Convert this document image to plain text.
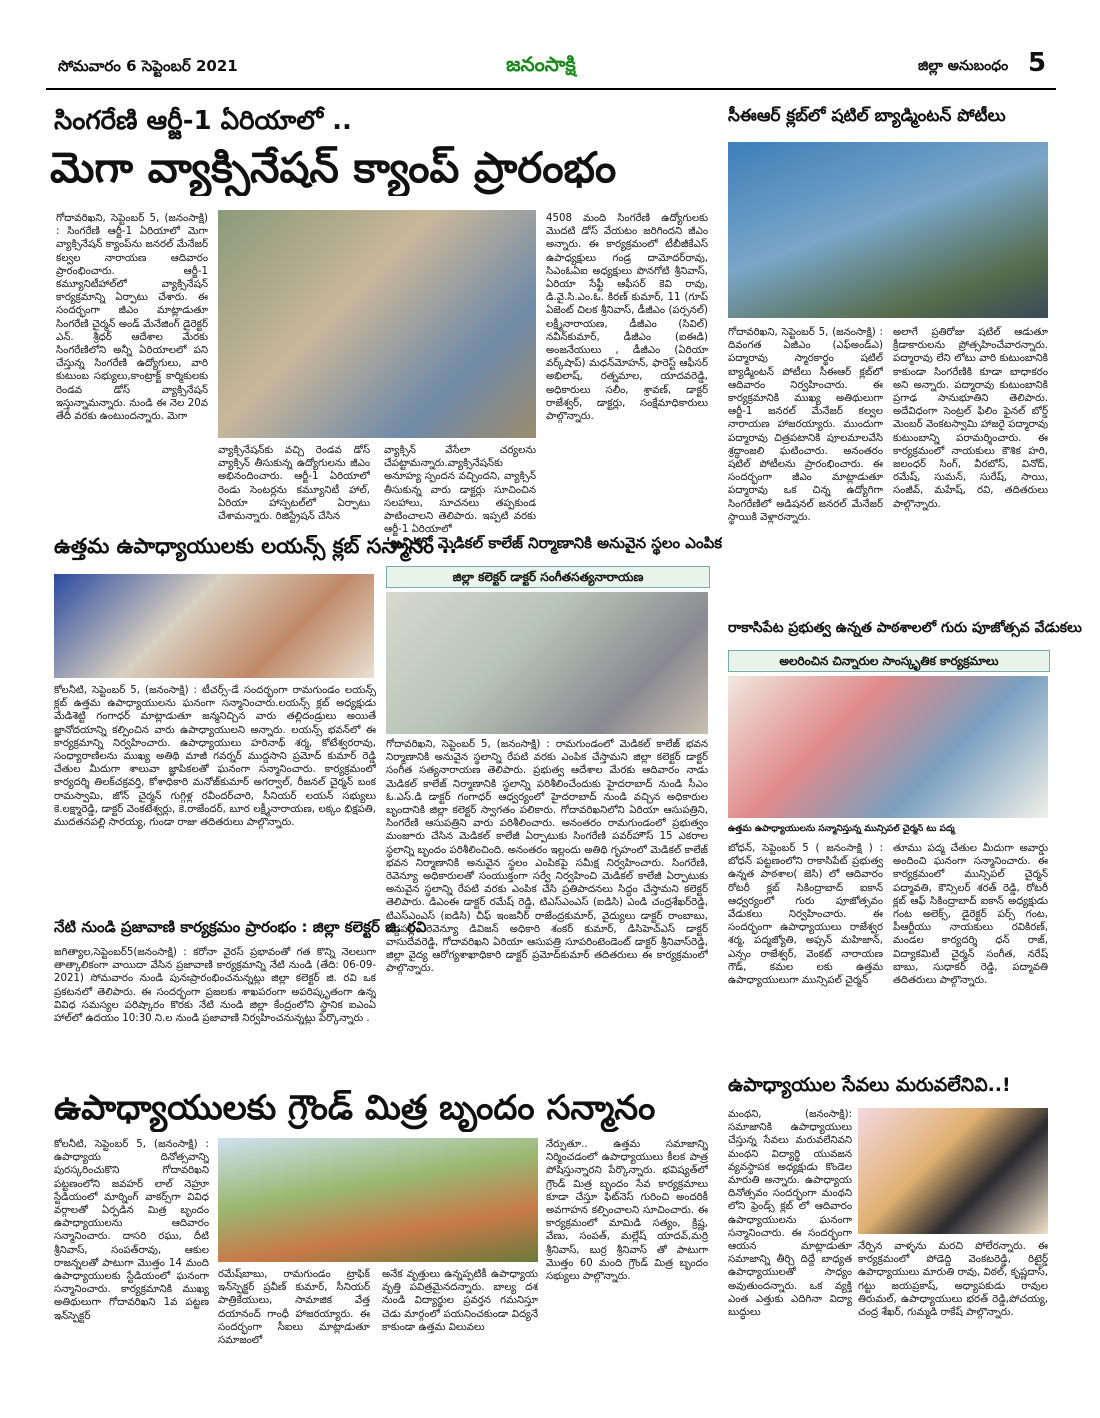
సోమవారం 6 సెప్టెంబర్ 2021	జనంసాక్షి	జిల్లా అనుబంధం 5
సింగరేణి ఆర్జీ-1 ఏరియాలో ..
మెగా వ్యాక్సినేషన్ క్యాంప్ ప్రారంభం
గోదావరిఖని, సెప్టెంబర్ 5, (జనంసాక్షి) : సింగరేణి ఆర్జీ-1 ఏరియాలో మెగా వ్యాక్సినేషన్ క్యాంప్‌ను జనరల్ మేనేజర్ కల్వల నారాయణ ఆదివారం ప్రారంభించారు. ఆర్జీ-1 కమ్యూనిటీహాల్‌లో వ్యాక్సినేషన్ కార్యక్రమాన్ని ఏర్పాటు చేశారు. ఈ సందర్భంగా జీఎం మాట్లాడుతూ సింగరేణి చైర్మన్ అండ్ మేనేజింగ్ డైరెక్టర్ ఎన్. శ్రీధర్ ఆదేశాల మేరకు సింగరేణిలోని అన్నీ ఏరియాలలో పని చేస్తున్న సింగరేణి ఉద్యోగులు, వారి కుటుంబ సభ్యులు,కాంట్రాక్ట్ కార్మికులకు రెండవ డోస్ వ్యాక్సినేషన్ ఇస్తున్నామన్నారు. నుండి ఈ నెల 20వ తేదీ వరకు ఉంటుందన్నారు. మెగా
వ్యాక్సినేషన్‌కు వచ్చి రెండవ డోస్ వ్యాక్సిన్ తీసుకున్న ఉద్యోగులను జీఎం అభినందించారు. ఆర్జీ-1 ఏరియాలో రెండు సెంటర్లను కమ్యూనిటీ హాల్, ఏరియా హాస్పటల్‌లో ఏర్పాటు చేశామన్నారు. రిజిస్ట్రేషన్ చేసిన
వ్యాక్సిన్ వేసేలా చర్యలను చేపట్టామన్నారు.వ్యాక్సినేషన్‌కు అనూహ్య స్పందన వచ్చిందని, వ్యాక్సిన్ తీసుకున్న వారు డాక్టర్లు సూచించిన సలహాలు, సూచనలు తప్పకుండ పాటించాలని తెలిపారు. ఇప్పటి వరకు ఆర్జీ-1 ఏరియాలో
4508 మంది సింగరేణి ఉద్యోగులకు మొదటి డోస్ వేయటం జరిగిందని జీఎం అన్నారు. ఈ కార్యక్రమంలో టీబీజీకేఎస్ ఉపాధ్యక్షులు గండ్ర దామోదర్‌రావు, సిఎంఓఏఐ అధ్యక్షులు పొనగోటి శ్రీనివాస్, ఏరియా సేఫ్టీ ఆఫీసర్ కెవి రావు, డి.వై.సి.ఎం.ఓ. కిరణ్ కుమార్, 11 (గూప్ ఏజెంట్ చిలక శ్రీనివాస్, డీజీఎం (పర్సనల్) లక్ష్మీనారాయణ, డీజీఎం (సివిల్) నవీన్‌కుమార్, డీజీఎం (ఐఈడి) అంజనేయులు , డీజీఎం (ఏరియా వర్క్‌షాప్) మధన్‌మోహన్, ఫారెస్ట్ ఆఫీసర్ అభిలాష్, రత్నమాల, యాదవరెడ్డి, అధికారులు సలీం, శ్రావణ్, డాక్టర్ రాజేశ్వర్, డాక్టర్లు, సంక్షేమాధికారులు పాల్గొన్నారు.
సీఈఆర్ క్లబ్‌లో షటిల్ బ్యాడ్మింటన్ పోటీలు
గోదావరిఖని, సెప్టెంబర్ 5, (జనంసాక్షి) : దివంగత ఏజీఎం (ఎఫ్అండ్ఎ) పద్మారావు స్మారకార్థం షటిల్ బ్యాడ్మింటన్ పోటీలు సీఈఆర్ క్లబ్‌లో ఆదివారం నిర్వహించారు. ఈ కార్యక్రమానికి ముఖ్య అతిథులుగా ఆర్జీ-1 జనరల్ మేనేజర్ కల్వల నారాయణ హాజరయ్యారు. ముందుగా పద్మారావు చిత్రపటానికి పూలమాలవేసి శ్రద్ధాంజలి ఘటించారు. అనంతరం షటిల్ పోటీలను ప్రారంభించారు. ఈ సందర్భంగా జీఎం మాట్లాడుతూ పద్మారావు ఒక చిన్న ఉద్యోగిగా సింగరేణిలో అడిషనల్ జనరల్ మేనేజర్ స్థాయికి వెళ్లారన్నారు.
అలాగే ప్రతిరోజు షటిల్ ఆడుతూ క్రీడాకారులను ప్రోత్సహించేవారన్నారు. పద్మారావు లేని లోటు వారి కుటుంబానికి కాకుండా సింగరేణికి కూడా బాధాకరం అని అన్నారు. పద్మారావు కుటుంబానికి ప్రగాఢ సానుభూతిని తెలిపారు. అదేవిధంగా సెంట్రల్ ఫిలిం ఫైనల్ బోర్డ్ మెంబర్ వెంకటస్వామి హాజరై పద్మారావు కుటుంబాన్ని పరామర్శించారు. ఈ కార్యక్రమంలో నాయకులు కౌశిక హరి, జలంధర్ సింగ్, వీరబోస్, వినోద్, రమేష్, సుమన్, సురేష్, సాయి, సంజీవ్, మహేష్, రవి, తదితరులు పాల్గొన్నారు.
ఉత్తమ ఉపాధ్యాయులకు లయన్స్ క్లబ్ సన్మానం ..
కోలనీటి, సెప్టెంబర్ 5, (జనంసాక్షి) : టీచర్స్-డే సందర్భంగా రామగుండం లయన్స్ క్లబ్ ఉత్తమ ఉపాధ్యాయులను ఘనంగా సన్మానించారు.లయన్స్ క్లబ్ అధ్యక్షుడు మేడిశెట్టి గంగాధర్ మాట్లాడుతూ జన్మనిచ్చిన వారు తల్లిదండ్రులు అయితే జ్ఞానోదయాన్ని కల్పించిన వారు ఉపాధ్యాయులని అన్నారు. లయన్స్ భవన్‌లో ఈ కార్యక్రమాన్ని నిర్వహించారు. ఉపాధ్యాయులు హరినాథ్ శర్మ, కోటేశ్వరరావు, సంధ్యారాణిలను ముఖ్య అతిథి మాజీ గవర్నర్ ముద్దసాని ప్రమోద్ కుమార్ రెడ్డి చేతుల మీదుగా శాలువా జ్ఞాపికలతో ఘనంగా సన్మానించారు. కార్యక్రమంలో కార్యదర్శి తిలక్‌చక్రవర్తి, కోశాధికారి మనోజ్‌కుమార్ అగర్వాల్, రీజనల్ చైర్మన్ బంక రామస్వామి, జోన్ చైర్మన్ గుగ్గిళ్ల రవీందర్‌చారి, సీనియర్ లయన్ సభ్యులు కె.లక్ష్మారెడ్డి, డాక్టర్ వెంకటేశ్వర్లు, కె.రాజేందర్, బూర లక్ష్మీనారాయణ, లక్కం భిక్షపతి, ముదతనపల్లి సారయ్య, గుండా రాజు తదితరులు పాల్గొన్నారు.
'ఖని'లో మెడికల్ కాలేజ్ నిర్మాణానికి అనువైన స్థలం ఎంపిక
జిల్లా కలెక్టర్ డాక్టర్ సంగీతసత్యనారాయణ
గోదావరిఖని, సెప్టెంబర్ 5, (జనంసాక్షి) : రామగుండంలో మెడికల్ కాలేజ్ భవన నిర్మాణానికి అనువైన స్థలాన్ని రేపటి వరకు ఎంపిక చేస్తామని జిల్లా కలెక్టర్ డాక్టర్ సంగీత సత్యనారాయణ తెలిపారు. ప్రభుత్వ ఆదేశాల మేరకు ఆదివారం నాడు మెడికల్ కాలేజ్ నిర్మాణానికి స్థలాన్ని పరిశీలించేందుకు హైదరాబాద్ నుండి సీఎం ఓ.ఎస్.డి డాక్టర్ గంగాధర్ ఆధ్వర్యంలో హైదరాబాద్ నుండి వచ్చిన అధికారుల బృందానికి జిల్లా కలెక్టర్ స్వాగతం పలికారు. గోదావరిఖనిలోని ఏరియా ఆసుపత్రిని, సింగరేణి ఆసుపత్రిని వారు పరిశీలించారు. అనంతరం రామగుండంలో ప్రభుత్వం మంజూరు చేసిన మెడికల్ కాలేజీ ఏర్పాటుకు సింగరేణి పవర్‌హౌస్ 15 ఎకరాల స్థలాన్ని బృందం పరిశీలించింది. అనంతరం ఇల్లందు అతిథి గృహంలో మెడికల్ కాలేజ్ భవన నిర్మాణానికి అనువైన స్థలం ఎంపికపై సమీక్ష నిర్వహించారు. సింగరేణి, రెవెన్యూ అధికారులతో సంయుక్తంగా సర్వే నిర్వహించి మెడికల్ కాలేజీ ఏర్పాటుకు అనువైన స్థలాన్ని రేపటి వరకు ఎంపిక చేసి ప్రతిపాదనలు సిద్ధం చేస్తామని కలెక్టర్ తెలిపారు. డిఎంఈ డాక్టర్ రమేష్ రెడ్డి, టిఎస్ఎంఎస్ (ఐడిసి) ఎండి చంద్రశేఖర్‌రెడ్డి, టిఎస్ఎంఎస్ (ఐడిసి) చీఫ్ ఇంజనీర్ రాజేంద్రకుమార్, వైద్యులు డాక్టర్ రాంబాబు, పెద్దపల్లి రెవెన్యూ డివిజన్ అధికారి శంకర్ కుమార్, డిసిహెచ్ఎస్ డాక్టర్ వాసుదేవరెడ్డి, గోదావరిఖని ఏరియా ఆసుపత్రి సూపరింటెండెంట్ డాక్టర్ శ్రీనివాస్‌రెడ్డి, జిల్లా వైద్య ఆరోగ్యశాఖాధికారి డాక్టర్ ప్రమోద్‌కుమార్ తదితరులు ఈ కార్యక్రమంలో పాల్గొన్నారు.
నేటి నుండి ప్రజావాణి కార్యక్రమం ప్రారంభం : జిల్లా కలెక్టర్ జి. రవి
జగిత్యాల,సెప్టెంబర్5(జనంసాక్షి) : కరోనా వైరస్ ప్రభావంతో గత కొన్ని నెలలుగా తాత్కాలికంగా వాయిదా వేసిన ప్రజావాణి కార్యక్రమాన్ని నేటి నుండి (తేది: 06-09-2021) సోమవారం నుండి పునఃప్రారంభించనున్నట్లు జిల్లా కలెక్టర్ జి. రవి ఒక ప్రకటనలో తెలిపారు. ఈ సందర్భంగా ప్రజలకు శాఖపరంగా అపరిష్కృతంగా ఉన్న వివిధ సమస్యల పరిష్కారం కొరకు నేటి నుండి జిల్లా కేంద్రంలోని స్థానిక ఐఎంఏ హాల్‌లో ఉదయం 10:30 ని.ల నుండి ప్రజావాణి నిర్వహించనున్నట్లు పేర్కొన్నారు .
రాకాసిపేట ప్రభుత్వ ఉన్నత పాఠశాలలో గురు పూజోత్సవ వేడుకలు
అలరించిన చిన్నారుల సాంస్కృతిక కార్యక్రమాలు
ఉత్తమ ఉపాధ్యాయులను సన్మానిస్తున్న మున్సిపల్ చైర్మన్ టు పద్మ
బోధన్, సెప్టెంబర్ 5 ( జనంసాక్షి ) : బోధన్ పట్టణంలోని రాకాసిపేట్ ప్రభుత్వ ఉన్నత పాఠశాల( జెసి) లో ఆదివారం రోటరీ క్లబ్ సికింద్రాబాద్ ఐకాన్ ఆధ్వర్యంలో గురు పూజోత్సవం వేడుకలు నిర్వహించారు. ఈ సందర్భంగా ఉపాధ్యాయులు రాజేశ్వర శర్మ, పద్మజ్యోతి, అఫ్సన్ మహిజాన్, ఎన్సం రాజేశ్వర్, వెంకట్ నారాయణ గౌడ్, కమల లకు ఉత్తమ ఉపాధ్యాయులుగా మున్సిపల్ చైర్మన్
తూము పద్మ చేతుల మీదుగా అవార్డు అందించి ఘనంగా సన్మానించారు. ఈ కార్యక్రమంలో మున్సిపల్ చైర్మన్ పద్మావతి, కౌన్సిలర్ శరత్ రెడ్డి, రోటరీ క్లబ్ ఆఫ్ సికింద్రాబాద్ ఐకాన్ అధ్యక్షుడు గంట అలెక్స్, డైరెక్టర్ పర్స్ గంట, పీఆర్టీయు నాయకులు రవికిరణ్, మండల కార్యదర్శి ధన్ రాజ్, విద్యాకమిటీ చైర్మన్ సంగీత, నరేష్ బాబు, సుధాకర్ రెడ్డి, పద్మావతి తదితరులు పాల్గొన్నారు.
ఉపాధ్యాయులకు గ్రౌండ్ మిత్ర బృందం సన్మానం
కోలనీటి, సెప్టెంబర్ 5, (జనంసాక్షి) : ఉపాధ్యాయ దినోత్సవాన్ని పురస్కరించుకొని గోదావరిఖని పట్టణంలోని జవహర్ లాల్ నెహ్రూ స్టేడియంలో మార్నింగ్ వాకర్స్‌గా వివిధ వర్గాలతో ఏర్పడిన మిత్ర బృందం ఉపాధ్యాయులను ఆదివారం సన్మానించారు. దాసరి రఘు, దీటి శ్రీనివాస్, సంపత్‌రావు, ఆకుల రాజన్నలతో పాటుగా మొత్తం 14 మంది ఉపాధ్యాయులకు స్టేడియంలో ఘనంగా సన్మానించారు. కార్యక్రమానికి ముఖ్య అతిథులుగా గోదావరిఖని 1వ పట్టణ ఇన్‌స్పెక్టర్
రమేష్‌బాబు, రామగుండం ట్రాఫిక్ ఇన్‌స్పెక్టర్ ప్రవీణ్ కుమార్, సీనియర్ పాత్రికేయులు, సామాజిక వేత్త దయానంద్ గాంధీ హాజరయ్యారు. ఈ సందర్భంగా సీఐలు మాట్లాడుతూ సమాజంలో
అనేక వృత్తులు ఉన్నప్పటికీ ఉపాధ్యాయ వృత్తి పవిత్రమైనదన్నారు. బాల్య దశ నుండి విద్యార్థుల ప్రవర్తన గమనిస్తూ చెడు మార్గంలో పయనించకుండా విద్యనే కాకుండా ఉత్తమ విలువలు
నేర్పుతూ.. ఉత్తమ సమాజాన్ని నిర్మించడంలో ఉపాధ్యాయులు కీలక పాత్ర పోషిస్తున్నారని పేర్కొన్నారు. భవిష్యత్‌లో గ్రౌండ్ మిత్ర బృందం సేవ కార్యక్రమాలు కూడా చేస్తూ ఫిట్‌నెస్ గురించి అందరికీ అవగాహన కల్పించాలని సూచించారు. ఈ కార్యక్రమంలో మామిడి సత్యం, క్రిష్ణ, వేణు, సంపత్, మల్లేష్ యాదవ్,మర్రి శ్రీనివాస్, బుర్ర శ్రీనివాస్ తో పాటుగా మొత్తం 60 మంది గ్రౌండ్ మిత్ర బృందం సభ్యులు పాల్గొన్నారు.
ఉపాధ్యాయుల సేవలు మరువలేనివి..!
మంథని, (జనంసాక్షి): సమాజానికి ఉపాధ్యాయులు చేస్తున్న సేవలు మరువలేనివని మంథని విద్యార్థి యువజన వ్యవస్థాపక అధ్యక్షుడు కొండెల మారుతి అన్నారు. ఉపాధ్యాయ దినోత్సవం సందర్భంగా మంథని లోని ఫ్రెండ్స్ క్లబ్ లో ఆదివారం ఉపాధ్యాయులను ఘనంగా సన్మానించారు. ఈ సందర్భంగా ఆయన మాట్లాడుతూ సమాజాన్ని తీర్చి దిద్దే బాధ్యత ఉపాధ్యాయులతో సాధ్యం అవుతుందన్నారు. ఒక వ్యక్తి ఎంత ఎత్తుకు ఎదిగినా విద్యా బుద్ధులు
నేర్పిన వాళ్ళను మరచి పోలేరన్నారు. ఈ కార్యక్రమంలో పోడెద్ది వెంకటరెడ్డి, రిటైర్డ్ ఉపాధ్యాయులు మారుతి రావు, విఠల్, కృష్ణదాస్, గట్టు జయప్రకాష్, అధ్యాపకుడు రావుల తిరుమల్, ఉపాధ్యాయులు భరత్ రెడ్డి,పోచయ్య, చంద్ర శేఖర్, గుమ్మడి రాకేష్ పాల్గొన్నారు.
